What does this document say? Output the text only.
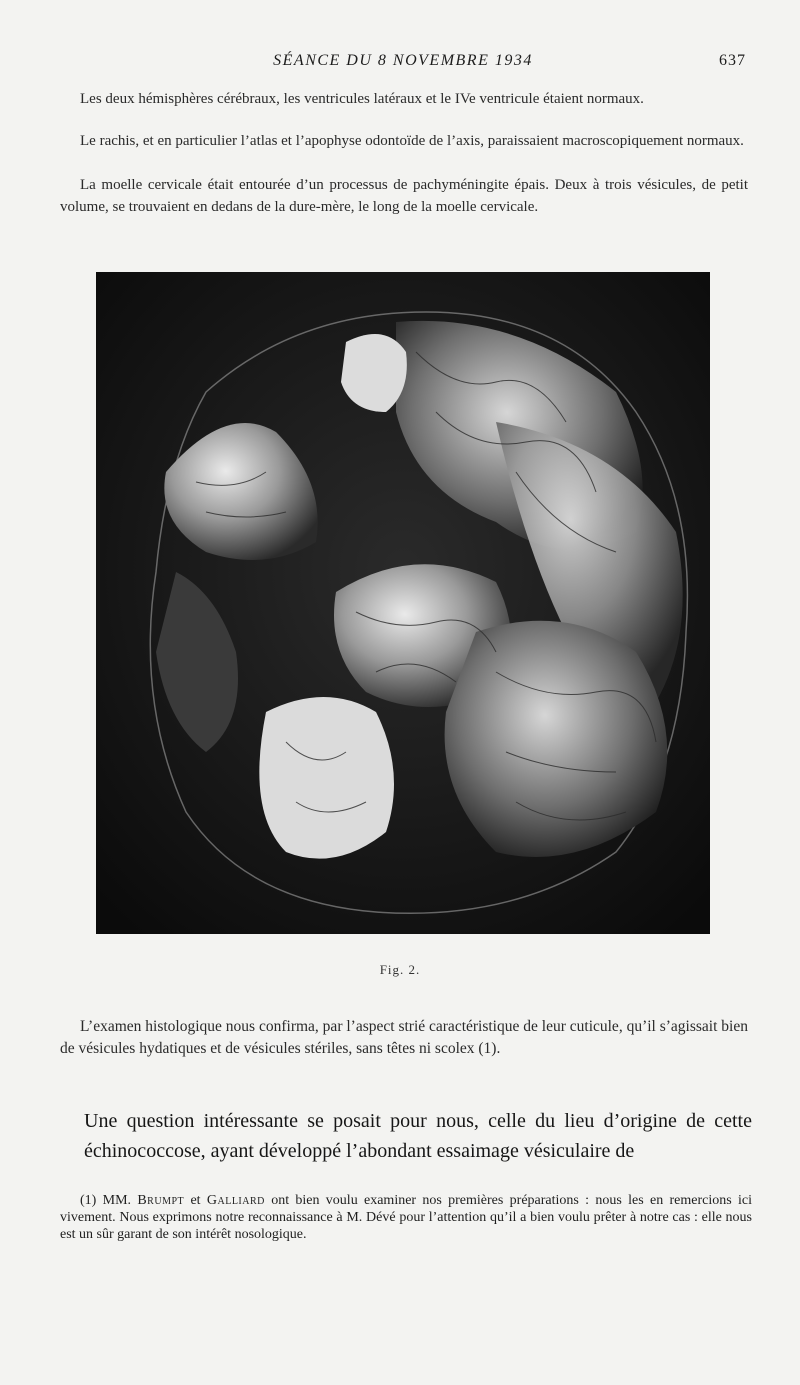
SÉANCE DU 8 NOVEMBRE 1934	637

Les deux hémisphères cérébraux, les ventricules latéraux et le IVe ventricule étaient normaux.

Le rachis, et en particulier l’atlas et l’apophyse odontoïde de l’axis, paraissaient macroscopiquement normaux.

La moelle cervicale était entourée d’un processus de pachyméningite épais. Deux à trois vésicules, de petit volume, se trouvaient en dedans de la dure-mère, le long de la moelle cervicale.

Fig. 2.

L’examen histologique nous confirma, par l’aspect strié caractéristique de leur cuticule, qu’il s’agissait bien de vésicules hydatiques et de vésicules stériles, sans têtes ni scolex (1).

Une question intéressante se posait pour nous, celle du lieu d’origine de cette échinococcose, ayant développé l’abondant essaimage vésiculaire de

(1) MM. Brumpt et Galliard ont bien voulu examiner nos premières préparations : nous les en remercions ici vivement. Nous exprimons notre reconnaissance à M. Dévé pour l’attention qu’il a bien voulu prêter à notre cas : elle nous est un sûr garant de son intérêt nosologique.
